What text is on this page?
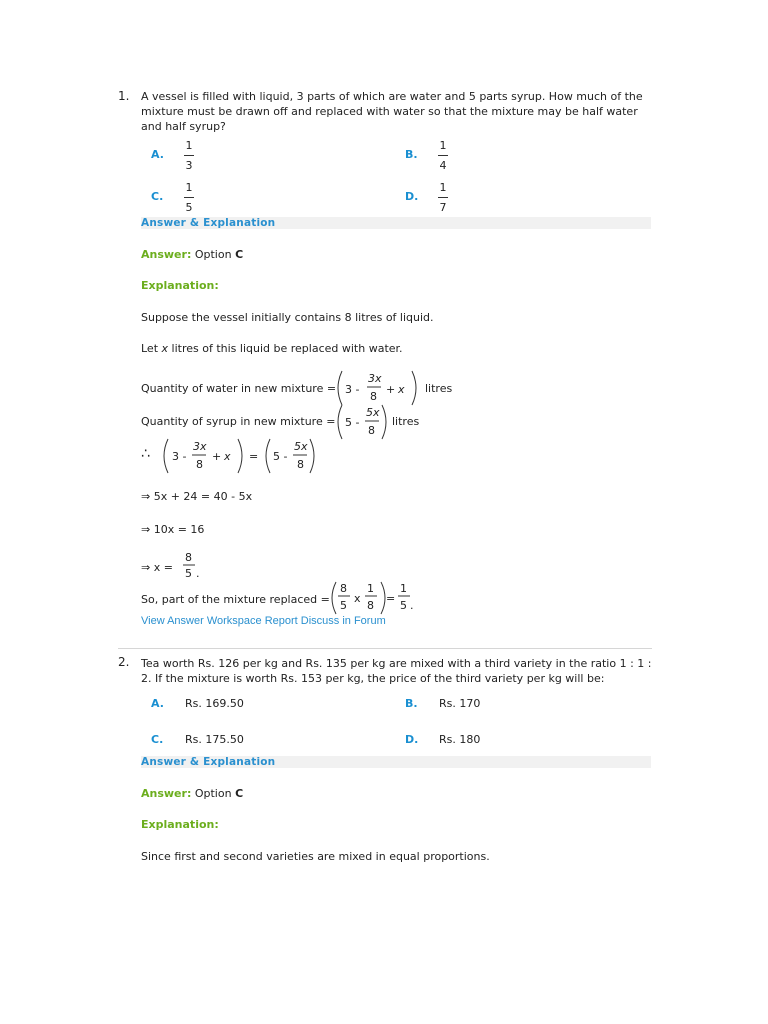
1. A vessel is filled with liquid, 3 parts of which are water and 5 parts syrup. How much of the mixture must be drawn off and replaced with water so that the mixture may be half water and half syrup?
A.
1
3
B.
1
4
C.
1
5
D.
1
7
Answer & Explanation
Answer: Option C
Explanation:
Suppose the vessel initially contains 8 litres of liquid.
Let x litres of this liquid be replaced with water.
Quantity of water in new mixture = 3 -
3x
8
+ x litres
Quantity of syrup in new mixture = 5 -
5x
8
litres
∴ 3 -
3x
8
+ x = 5 -
5x
8
⇒ 5x + 24 = 40 - 5x
⇒ 10x = 16
⇒ x =
8
5 .
So, part of the mixture replaced =
8
5
x
1
8
=
1
5 .
View Answer Workspace Report Discuss in Forum
2. Tea worth Rs. 126 per kg and Rs. 135 per kg are mixed with a third variety in the ratio 1 : 1 : 2. If the mixture is worth Rs. 153 per kg, the price of the third variety per kg will be:
A. Rs. 169.50	B. Rs. 170
C. Rs. 175.50	D. Rs. 180
Answer & Explanation
Answer: Option C
Explanation:
Since first and second varieties are mixed in equal proportions.
